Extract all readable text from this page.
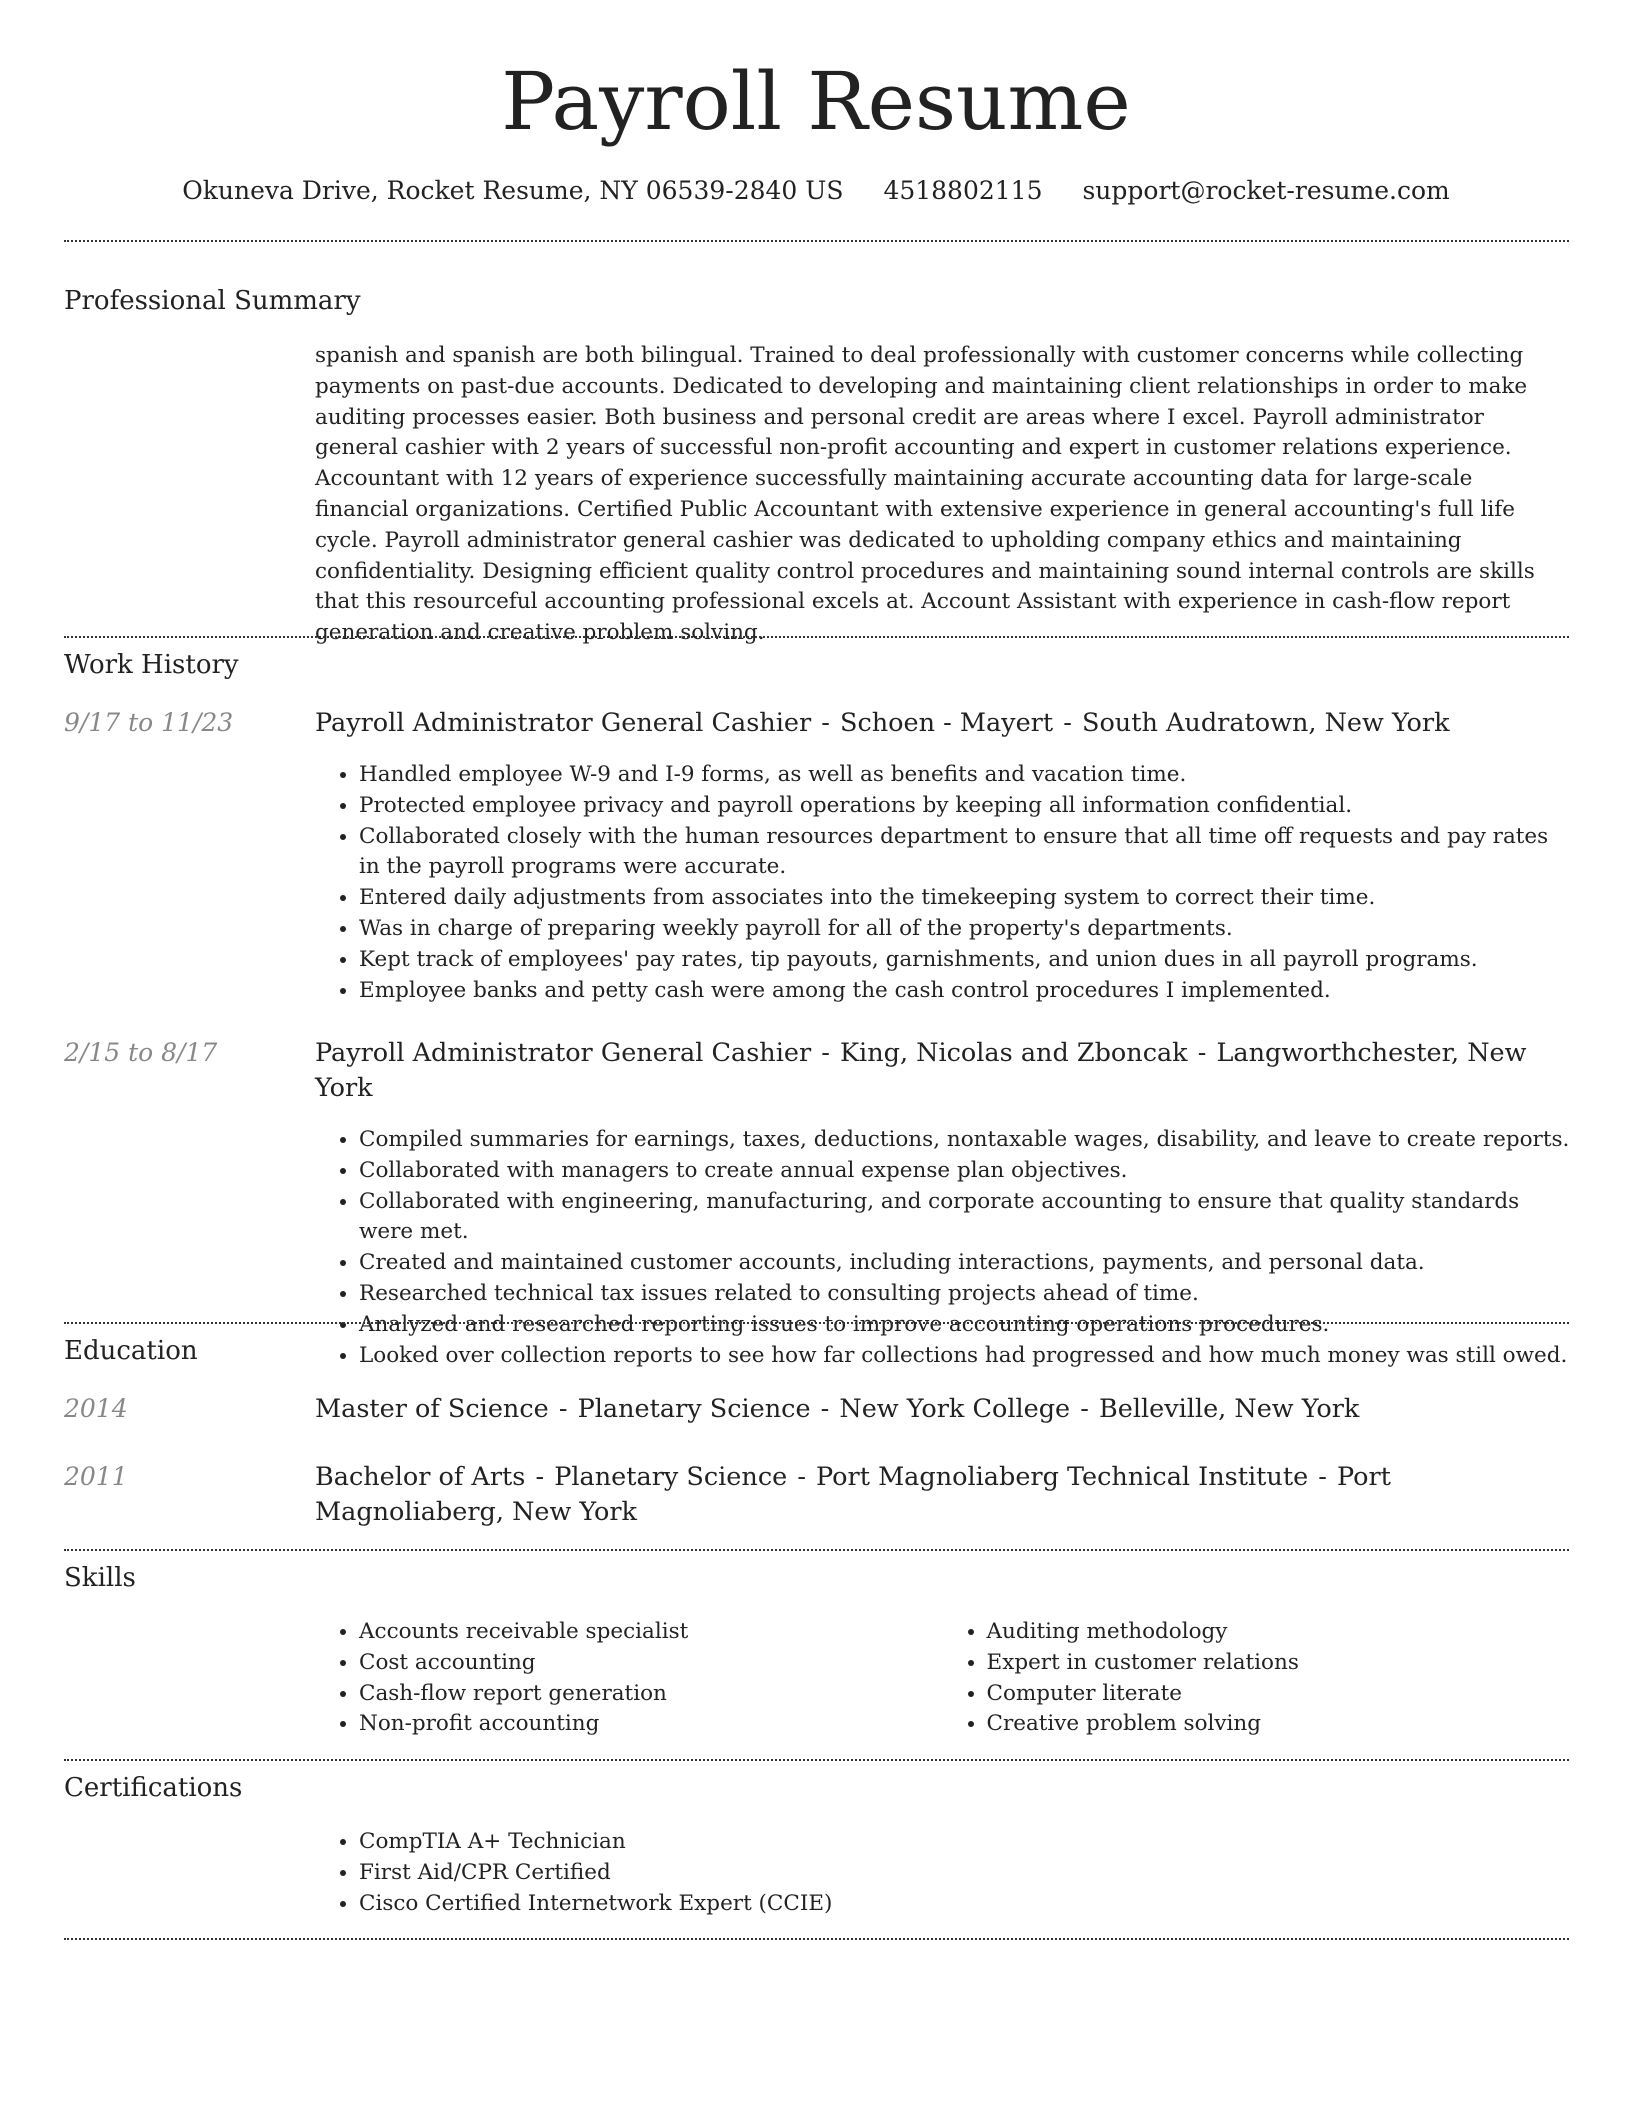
Payroll Resume
Okuneva Drive, Rocket Resume, NY 06539-2840 US 4518802115 support@rocket-resume.com
Professional Summary

spanish and spanish are both bilingual. Trained to deal professionally with customer concerns while collecting payments on past-due accounts. Dedicated to developing and maintaining client relationships in order to make auditing processes easier. Both business and personal credit are areas where I excel. Payroll administrator general cashier with 2 years of successful non-profit accounting and expert in customer relations experience. Accountant with 12 years of experience successfully maintaining accurate accounting data for large-scale financial organizations. Certified Public Accountant with extensive experience in general accounting's full life cycle. Payroll administrator general cashier was dedicated to upholding company ethics and maintaining confidentiality. Designing efficient quality control procedures and maintaining sound internal controls are skills that this resourceful accounting professional excels at. Account Assistant with experience in cash-flow report generation and creative problem solving.

Work History
9/17 to 11/23	Payroll Administrator General Cashier - Schoen - Mayert - South Audratown, New York

• Handled employee W-9 and I-9 forms, as well as benefits and vacation time.
• Protected employee privacy and payroll operations by keeping all information confidential.
• Collaborated closely with the human resources department to ensure that all time off requests and pay rates in the payroll programs were accurate.
• Entered daily adjustments from associates into the timekeeping system to correct their time.
• Was in charge of preparing weekly payroll for all of the property's departments.
• Kept track of employees' pay rates, tip payouts, garnishments, and union dues in all payroll programs.
• Employee banks and petty cash were among the cash control procedures I implemented.
2/15 to 8/17	Payroll Administrator General Cashier - King, Nicolas and Zboncak - Langworthchester, New York

• Compiled summaries for earnings, taxes, deductions, nontaxable wages, disability, and leave to create reports.
• Collaborated with managers to create annual expense plan objectives.
• Collaborated with engineering, manufacturing, and corporate accounting to ensure that quality standards were met.
• Created and maintained customer accounts, including interactions, payments, and personal data.
• Researched technical tax issues related to consulting projects ahead of time.
• Analyzed and researched reporting issues to improve accounting operations procedures.
• Looked over collection reports to see how far collections had progressed and how much money was still owed.
Education
2014	Master of Science - Planetary Science - New York College - Belleville, New York

2011	Bachelor of Arts - Planetary Science - Port Magnoliaberg Technical Institute - Port Magnoliaberg, New York

Skills
• Accounts receivable specialist
• Cost accounting
• Cash-flow report generation
• Non-profit accounting
• Auditing methodology
• Expert in customer relations
• Computer literate
• Creative problem solving
Certifications
• CompTIA A+ Technician
• First Aid/CPR Certified
• Cisco Certified Internetwork Expert (CCIE)
